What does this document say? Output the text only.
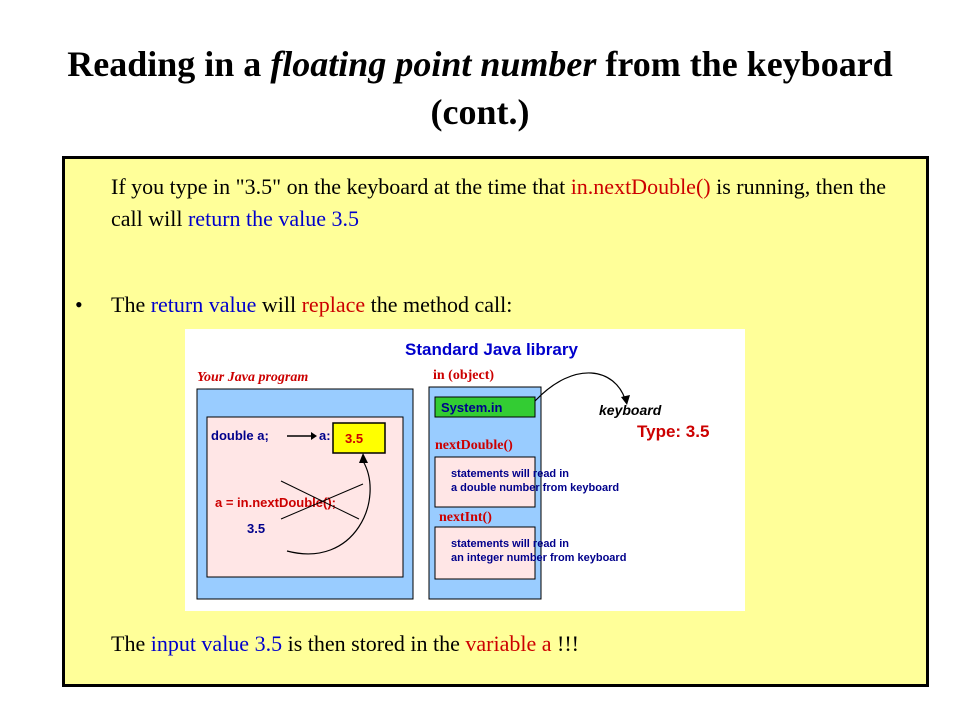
Reading in a floating point number from the keyboard (cont.)
If you type in "3.5" on the keyboard at the time that in.nextDouble() is running, then the call will return the value 3.5
• The return value will replace the method call:
Standard Java library
Your Java program
double a;	a: 3.5
a = in.nextDouble();
3.5
in (object)
System.in	keyboard
Type: 3.5
nextDouble()
statements will read in
a double number from keyboard
nextInt()
statements will read in
an integer number from keyboard
The input value 3.5 is then stored in the variable a !!!
